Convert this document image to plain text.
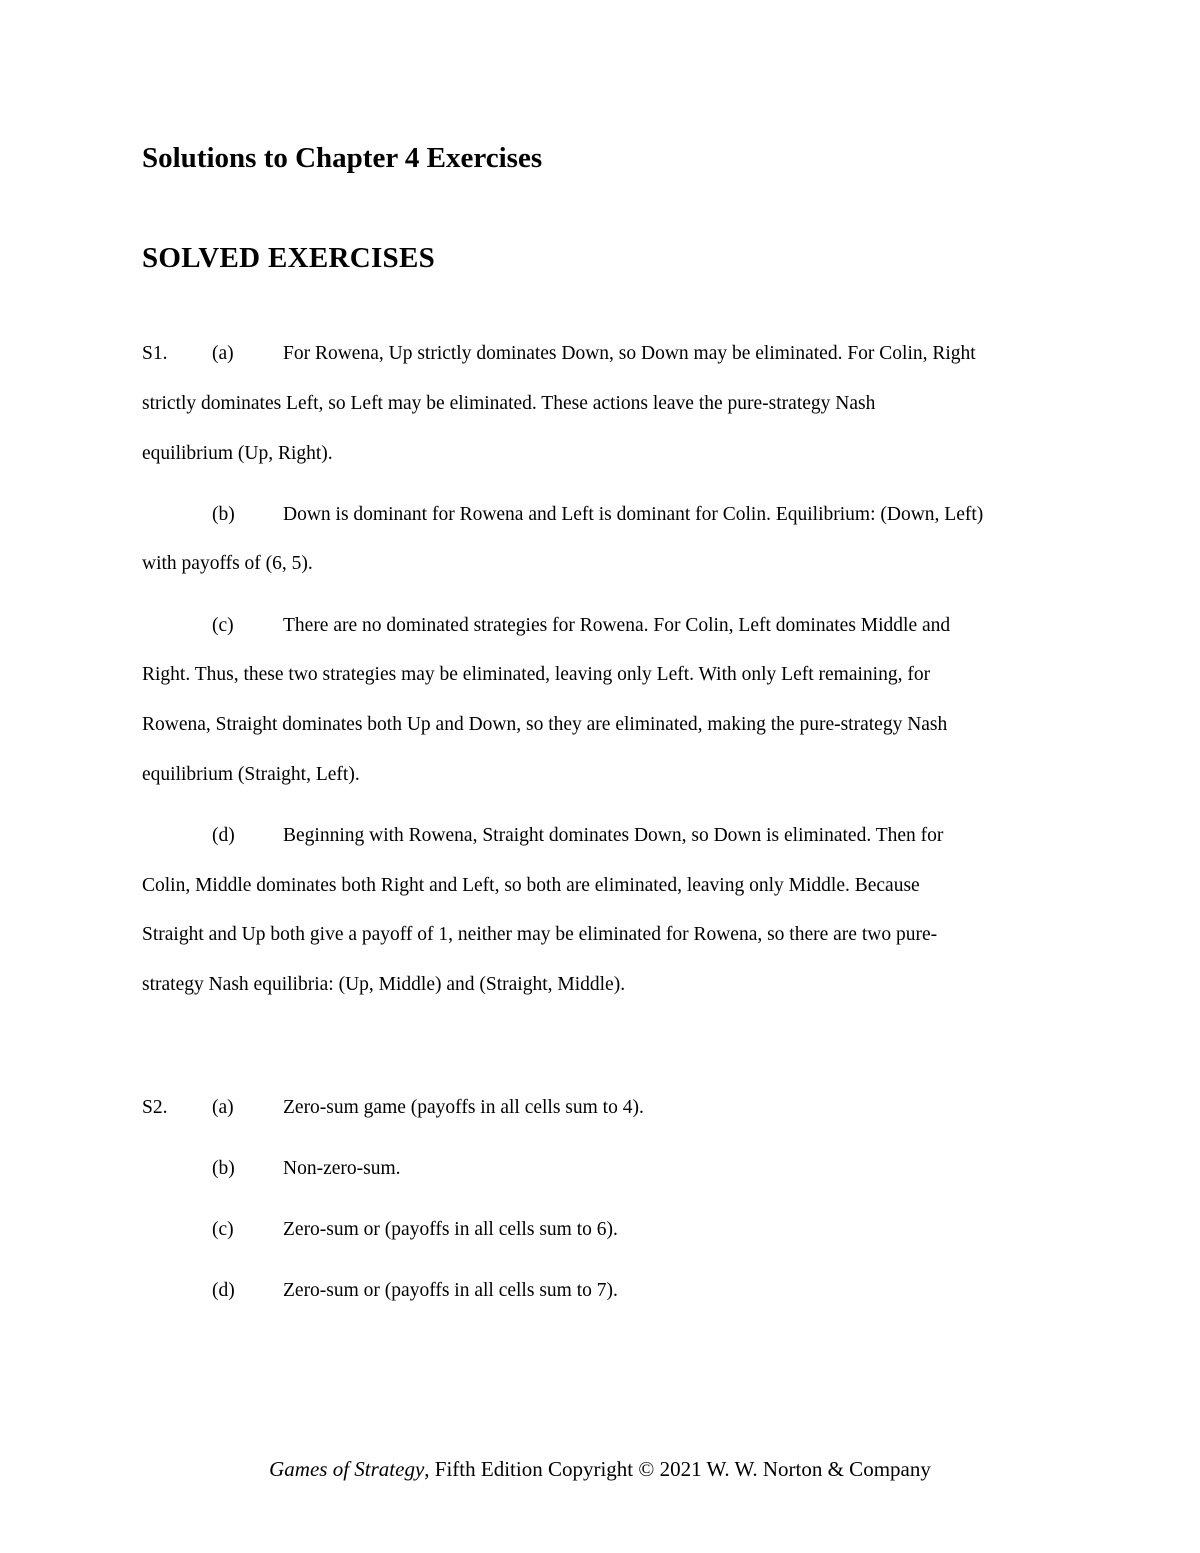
Solutions to Chapter 4 Exercises
SOLVED EXERCISES
S1. (a)	For Rowena, Up strictly dominates Down, so Down may be eliminated. For Colin, Right
strictly dominates Left, so Left may be eliminated. These actions leave the pure-strategy Nash
equilibrium (Up, Right).
(b) Down is dominant for Rowena and Left is dominant for Colin. Equilibrium: (Down, Left)
with payoffs of (6, 5).
(c)	There are no dominated strategies for Rowena. For Colin, Left dominates Middle and
Right. Thus, these two strategies may be eliminated, leaving only Left. With only Left remaining, for
Rowena, Straight dominates both Up and Down, so they are eliminated, making the pure-strategy Nash
equilibrium (Straight, Left).
(d) Beginning with Rowena, Straight dominates Down, so Down is eliminated. Then for
Colin, Middle dominates both Right and Left, so both are eliminated, leaving only Middle. Because
Straight and Up both give a payoff of 1, neither may be eliminated for Rowena, so there are two pure-
strategy Nash equilibria: (Up, Middle) and (Straight, Middle).
S2. (a)	Zero-sum game (payoffs in all cells sum to 4).
(b) Non-zero-sum.
(c)	Zero-sum or (payoffs in all cells sum to 6).
(d) Zero-sum or (payoffs in all cells sum to 7).
Games of Strategy, Fifth Edition Copyright © 2021 W. W. Norton & Company
